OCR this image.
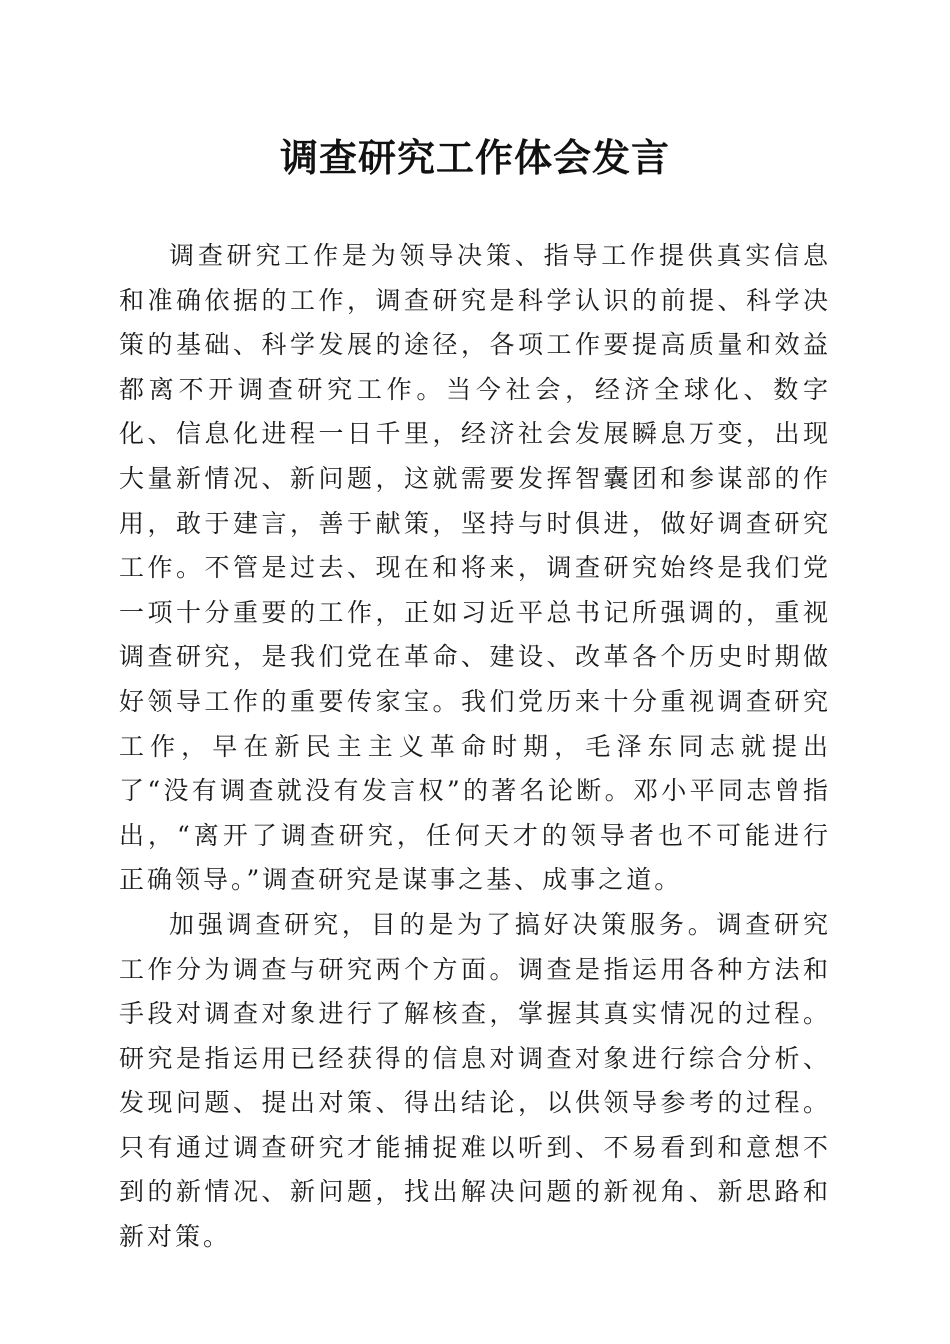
调查研究工作体会发言

调查研究工作是为领导决策、指导工作提供真实信息和准确依据的工作，调查研究是科学认识的前提、科学决策的基础、科学发展的途径，各项工作要提高质量和效益都离不开调查研究工作。当今社会，经济全球化、数字化、信息化进程一日千里，经济社会发展瞬息万变，出现大量新情况、新问题，这就需要发挥智囊团和参谋部的作用，敢于建言，善于献策，坚持与时俱进，做好调查研究工作。不管是过去、现在和将来，调查研究始终是我们党一项十分重要的工作，正如习近平总书记所强调的，重视调查研究，是我们党在革命、建设、改革各个历史时期做好领导工作的重要传家宝。我们党历来十分重视调查研究工作，早在新民主主义革命时期，毛泽东同志就提出了“没有调查就没有发言权”的著名论断。邓小平同志曾指出，“离开了调查研究，任何天才的领导者也不可能进行正确领导。”调查研究是谋事之基、成事之道。

加强调查研究，目的是为了搞好决策服务。调查研究工作分为调查与研究两个方面。调查是指运用各种方法和手段对调查对象进行了解核查，掌握其真实情况的过程。研究是指运用已经获得的信息对调查对象进行综合分析、发现问题、提出对策、得出结论，以供领导参考的过程。只有通过调查研究才能捕捉难以听到、不易看到和意想不到的新情况、新问题，找出解决问题的新视角、新思路和新对策。
